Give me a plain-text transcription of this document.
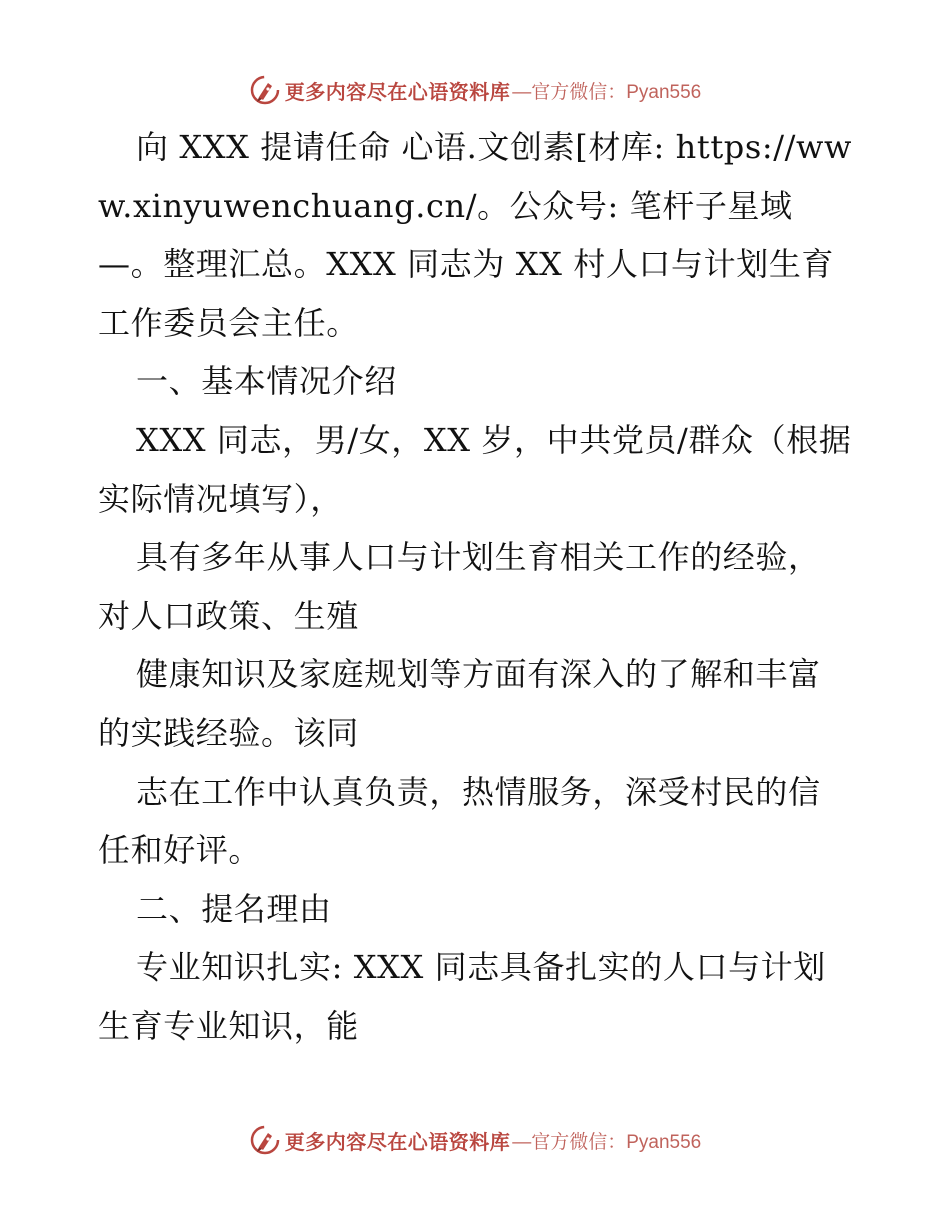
更多内容尽在心语资料库 —官方微信：Pyan556

向 XXX 提请任命 心语.文创素[材库: https://www.xinyuwenchuang.cn/。公众号: 笔杆子星域—。整理汇总。XXX 同志为 XX 村人口与计划生育工作委员会主任。

一、基本情况介绍

XXX 同志，男/女，XX 岁，中共党员/群众（根据实际情况填写），

具有多年从事人口与计划生育相关工作的经验，对人口政策、生殖

健康知识及家庭规划等方面有深入的了解和丰富的实践经验。该同

志在工作中认真负责，热情服务，深受村民的信任和好评。

二、提名理由

专业知识扎实: XXX 同志具备扎实的人口与计划生育专业知识，能

更多内容尽在心语资料库 —官方微信：Pyan556
